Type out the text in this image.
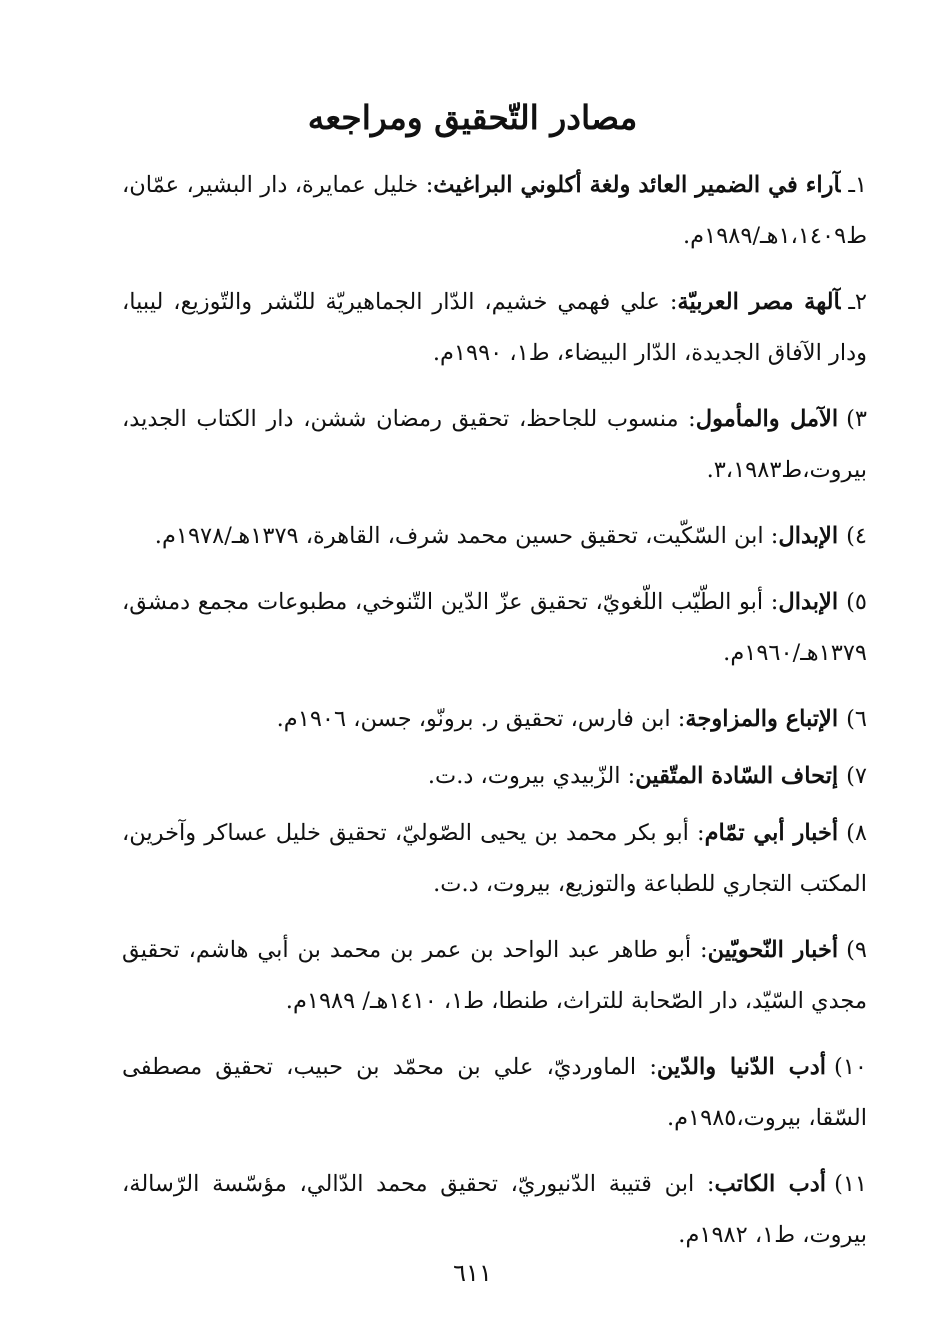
مصادر التّحقيق ومراجعه
١ـآراء في الضمير العائد ولغة أكلوني البراغيث: خليل عمايرة، دار البشير، عمّان، ط١،١٤٠٩هـ/١٩٨٩م.
٢ـآلهة مصر العربيّة: علي فهمي خشيم، الدّار الجماهيريّة للنّشر والتّوزيع، ليبيا، ودار الآفاق الجديدة، الدّار البيضاء، ط١، ١٩٩٠م.
٣)الآمل والمأمول: منسوب للجاحظ، تحقيق رمضان ششن، دار الكتاب الجديد، بيروت،ط٣،١٩٨٣.
٤)الإبدال: ابن السّكّيت، تحقيق حسين محمد شرف، القاهرة، ١٣٧٩هـ/١٩٧٨م.
٥)الإبدال: أبو الطّيّب اللّغويّ، تحقيق عزّ الدّين التّنوخي، مطبوعات مجمع دمشق، ١٣٧٩هـ/١٩٦٠م.
٦)الإتباع والمزاوجة: ابن فارس، تحقيق ر. برونّو، جسن، ١٩٠٦م.
٧)إتحاف السّادة المتّقين: الزّبيدي بيروت، د.ت.
٨)أخبار أبي تمّام: أبو بكر محمد بن يحيى الصّوليّ، تحقيق خليل عساكر وآخرين، المكتب التجاري للطباعة والتوزيع، بيروت، د.ت.
٩)أخبار النّحويّين: أبو طاهر عبد الواحد بن عمر بن محمد بن أبي هاشم، تحقيق مجدي السّيّد، دار الصّحابة للتراث، طنطا، ط١، ١٤١٠هـ/ ١٩٨٩م.
١٠)أدب الدّنيا والدّين: الماورديّ، علي بن محمّد بن حبيب، تحقيق مصطفى السّقا، بيروت،١٩٨٥م.
١١)أدب الكاتب: ابن قتيبة الدّنيوريّ، تحقيق محمد الدّالي، مؤسّسة الرّسالة، بيروت، ط١، ١٩٨٢م.
٦١١
